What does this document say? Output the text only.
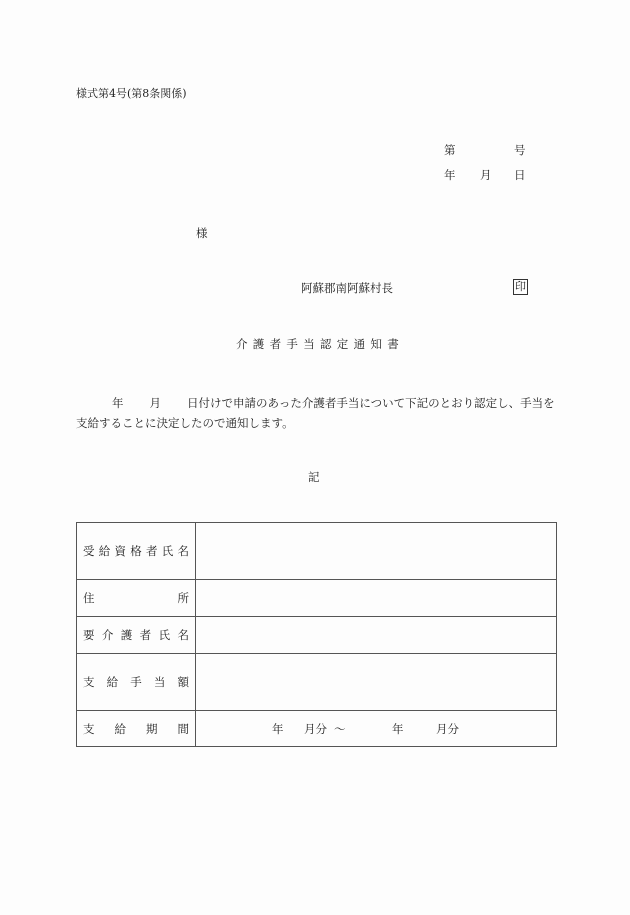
様式第4号(第8条関係)
第	号
年 月 日
様
阿蘇郡南阿蘇村長	印
介護者手当認定通知書
年 月 日付けで申請のあった介護者手当について下記のとおり認定し、手当を支給することに決定したので通知します。
記
受 給 資 格 者 氏 名

住 所	

要 介 護 者 氏 名

支 給 手 当 額	

支 給 期 間	年 月分 〜 年 月分
